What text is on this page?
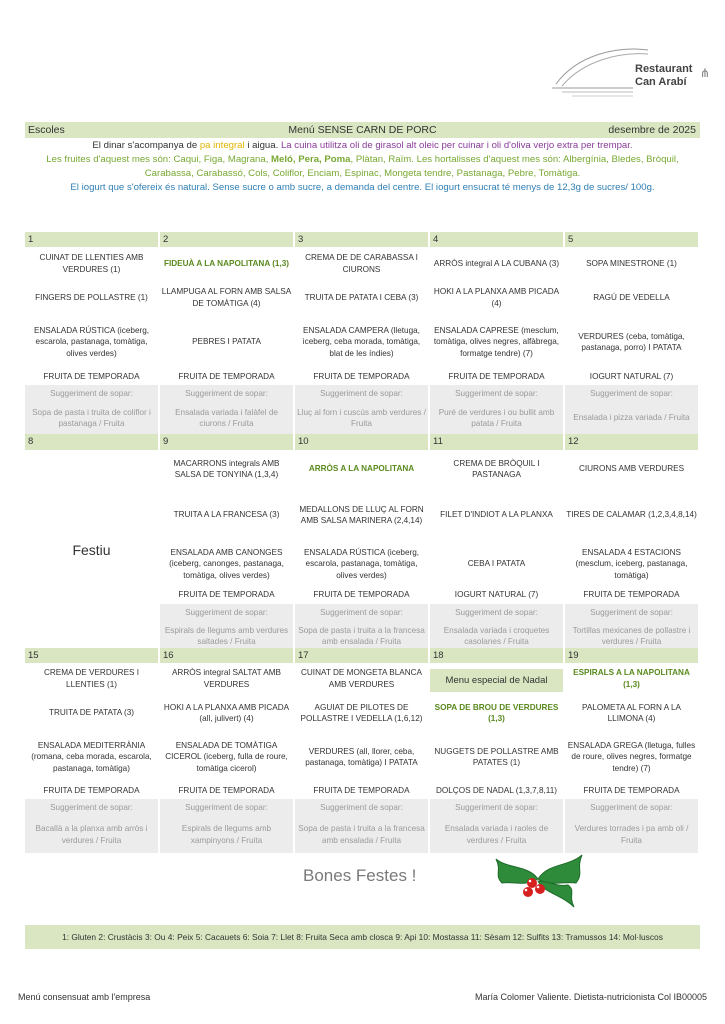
Restaurant
Can Arabí
⋔
Menú SENSE CARN DE PORC
Escoles	desembre de 2025

El dinar s'acompanya de pa integral i aigua. La cuina utilitza oli de girasol alt oleic per cuinar i oli d'oliva verjo extra per trempar.

Les fruites d'aquest mes són: Caqui, Figa, Magrana, Meló, Pera, Poma, Plàtan, Raïm. Les hortalisses d'aquest mes són: Albergínia, Bledes, Bròquil,

Carabassa, Carabassó, Cols, Coliflor, Enciam, Espinac, Mongeta tendre, Pastanaga, Pebre, Tomàtiga.

El iogurt que s'ofereix és natural. Sense sucre o amb sucre, a demanda del centre. El iogurt ensucrat té menys de 12,3g de sucres/ 100g.

1
CUINAT DE LLENTIES AMB VERDURES (1)
FINGERS DE POLLASTRE (1)
ENSALADA RÚSTICA (iceberg, escarola, pastanaga, tomàtiga, olives verdes)
FRUITA DE TEMPORADA
Suggeriment de sopar:
Sopa de pasta i truita de coliflor i pastanaga / Fruita
2
FIDEUÀ A LA NAPOLITANA (1,3)
LLAMPUGA AL FORN AMB SALSA DE TOMÀTIGA (4)
PEBRES I PATATA
FRUITA DE TEMPORADA
Suggeriment de sopar:
Ensalada variada i falàfel de ciurons / Fruita
3
CREMA DE DE CARABASSA I CIURONS
TRUITA DE PATATA I CEBA (3)
ENSALADA CAMPERA (lletuga, iceberg, ceba morada, tomàtiga, blat de les índies)
FRUITA DE TEMPORADA
Suggeriment de sopar:
Lluç al forn i cuscús amb verdures / Fruita
4
ARRÒS integral A LA CUBANA (3)
HOKI A LA PLANXA AMB PICADA (4)
ENSALADA CAPRESE (mesclum, tomàtiga, olives negres, alfàbrega, formatge tendre) (7)
FRUITA DE TEMPORADA
Suggeriment de sopar:
Puré de verdures i ou bullit amb patata / Fruita
5
SOPA MINESTRONE (1)
RAGÚ DE VEDELLA
VERDURES (ceba, tomàtiga, pastanaga, porro) I PATATA
IOGURT NATURAL (7)
Suggeriment de sopar:
Ensalada i pizza variada / Fruita
8
Festiu
9
MACARRONS integrals AMB SALSA DE TONYINA (1,3,4)
TRUITA A LA FRANCESA (3)
ENSALADA AMB CANONGES (iceberg, canonges, pastanaga, tomàtiga, olives verdes)
FRUITA DE TEMPORADA
Suggeriment de sopar:
Espirals de llegums amb verdures saltades / Fruita
10
ARRÒS A LA NAPOLITANA
MEDALLONS DE LLUÇ AL FORN AMB SALSA MARINERA (2,4,14)
ENSALADA RÚSTICA (iceberg, escarola, pastanaga, tomàtiga, olives verdes)
FRUITA DE TEMPORADA
Suggeriment de sopar:
Sopa de pasta i truita a la francesa amb ensalada / Fruita
11
CREMA DE BRÒQUIL I PASTANAGA
FILET D'INDIOT A LA PLANXA
CEBA I PATATA
IOGURT NATURAL (7)
Suggeriment de sopar:
Ensalada variada i croquetes casolanes / Fruita
12
CIURONS AMB VERDURES
TIRES DE CALAMAR (1,2,3,4,8,14)
ENSALADA 4 ESTACIONS (mesclum, iceberg, pastanaga, tomàtiga)
FRUITA DE TEMPORADA
Suggeriment de sopar:
Tortillas mexicanes de pollastre i verdures / Fruita
15
CREMA DE VERDURES I LLENTIES (1)
TRUITA DE PATATA (3)
ENSALADA MEDITERRÀNIA (romana, ceba morada, escarola, pastanaga, tomàtiga)
FRUITA DE TEMPORADA
Suggeriment de sopar:
Bacallà a la planxa amb arròs i verdures / Fruita
16
ARRÒS integral SALTAT AMB VERDURES
HOKI A LA PLANXA AMB PICADA (all, julivert) (4)
ENSALADA DE TOMÀTIGA CICEROL (iceberg, fulla de roure, tomàtiga cicerol)
FRUITA DE TEMPORADA
Suggeriment de sopar:
Espirals de llegums amb xampinyons / Fruita
17
CUINAT DE MONGETA BLANCA AMB VERDURES
AGUIAT DE PILOTES DE POLLASTRE I VEDELLA (1,6,12)
VERDURES (all, llorer, ceba, pastanaga, tomàtiga) I PATATA
FRUITA DE TEMPORADA
Suggeriment de sopar:
Sopa de pasta i truita a la francesa amb ensalada / Fruita
18
Menu especial de Nadal
SOPA DE BROU DE VERDURES (1,3)
NUGGETS DE POLLASTRE AMB PATATES (1)
DOLÇOS DE NADAL (1,3,7,8,11)
Suggeriment de sopar:
Ensalada variada i raoles de verdures / Fruita
19
ESPIRALS A LA NAPOLITANA (1,3)
PALOMETA AL FORN A LA LLIMONA (4)
ENSALADA GREGA (lletuga, fulles de roure, olives negres, formatge tendre) (7)
FRUITA DE TEMPORADA
Suggeriment de sopar:
Verdures torrades i pa amb oli / Fruita
Bones Festes !
1: Gluten 2: Crustàcis 3: Ou 4: Peix 5: Cacauets 6: Soia 7: Llet 8: Fruita Seca amb closca 9: Api 10: Mostassa 11: Sèsam 12: Sulfits 13: Tramussos 14: Mol·luscos
Menú consensuat amb l'empresa	María Colomer Valiente. Dietista-nutricionista Col IB00005
